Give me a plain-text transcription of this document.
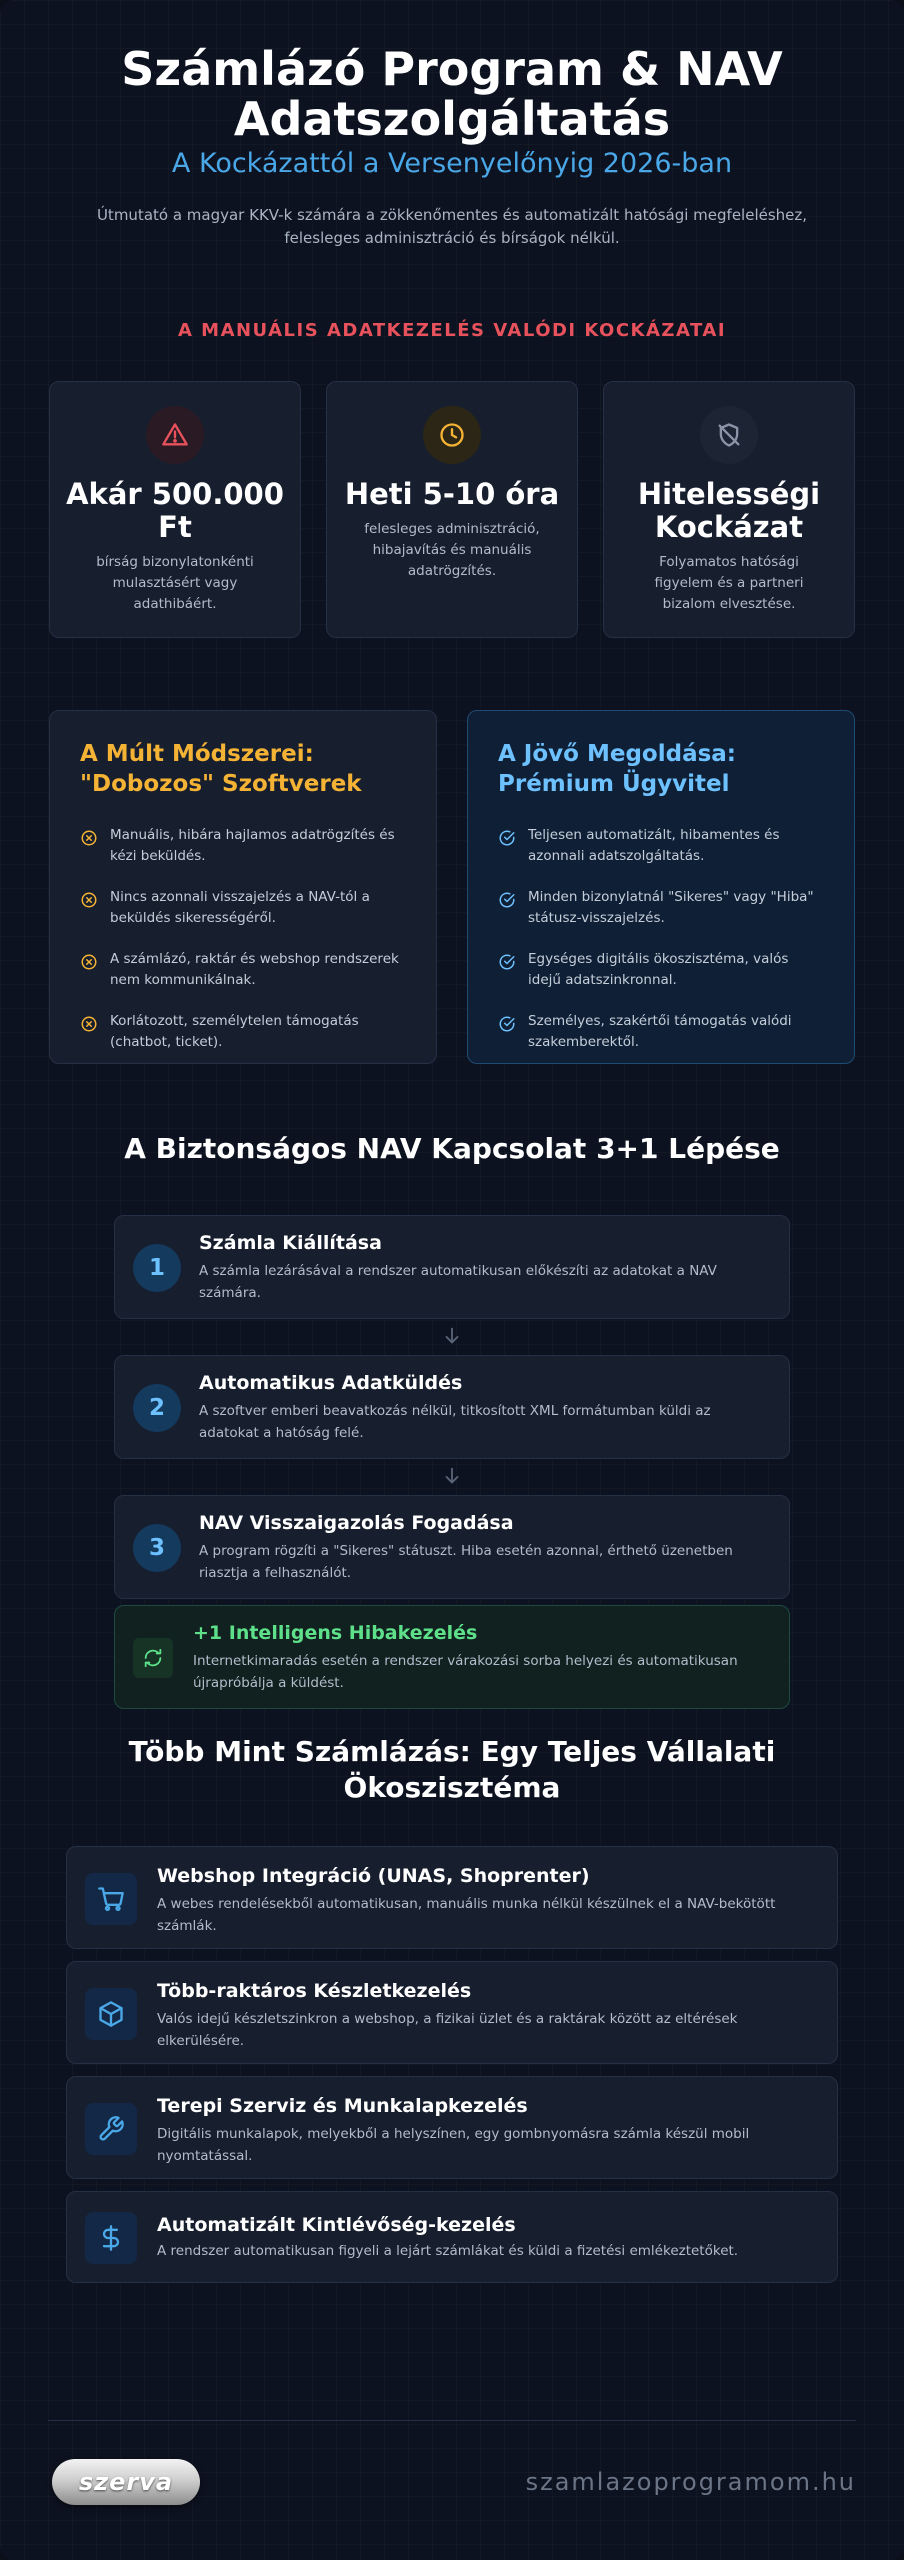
Számlázó Program & NAV Adatszolgáltatás
A Kockázattól a Versenyelőnyig 2026-ban
Útmutató a magyar KKV-k számára a zökkenőmentes és automatizált hatósági megfeleléshez, felesleges adminisztráció és bírságok nélkül.
A MANUÁLIS ADATKEZELÉS VALÓDI KOCKÁZATAI
Akár 500.000 Ft
bírság bizonylatonkénti mulasztásért vagy adathibáért.
Heti 5-10 óra
felesleges adminisztráció, hibajavítás és manuális adatrögzítés.
Hitelességi Kockázat
Folyamatos hatósági figyelem és a partneri bizalom elvesztése.
A Múlt Módszerei: "Dobozos" Szoftverek
Manuális, hibára hajlamos adatrögzítés és kézi beküldés.
Nincs azonnali visszajelzés a NAV-tól a beküldés sikerességéről.
A számlázó, raktár és webshop rendszerek nem kommunikálnak.
Korlátozott, személytelen támogatás (chatbot, ticket).
A Jövő Megoldása: Prémium Ügyvitel
Teljesen automatizált, hibamentes és azonnali adatszolgáltatás.
Minden bizonylatnál "Sikeres" vagy "Hiba" státusz-visszajelzés.
Egységes digitális ökoszisztéma, valós idejű adatszinkronnal.
Személyes, szakértői támogatás valódi szakemberektől.
A Biztonságos NAV Kapcsolat 3+1 Lépése
1
Számla Kiállítása
A számla lezárásával a rendszer automatikusan előkészíti az adatokat a NAV számára.
2
Automatikus Adatküldés
A szoftver emberi beavatkozás nélkül, titkosított XML formátumban küldi az adatokat a hatóság felé.
3
NAV Visszaigazolás Fogadása
A program rögzíti a "Sikeres" státuszt. Hiba esetén azonnal, érthető üzenetben riasztja a felhasználót.
+1 Intelligens Hibakezelés
Internetkimaradás esetén a rendszer várakozási sorba helyezi és automatikusan újrapróbálja a küldést.
Több Mint Számlázás: Egy Teljes Vállalati Ökoszisztéma
Webshop Integráció (UNAS, Shoprenter)
A webes rendelésekből automatikusan, manuális munka nélkül készülnek el a NAV-bekötött számlák.
Több-raktáros Készletkezelés
Valós idejű készletszinkron a webshop, a fizikai üzlet és a raktárak között az eltérések elkerülésére.
Terepi Szerviz és Munkalapkezelés
Digitális munkalapok, melyekből a helyszínen, egy gombnyomásra számla készül mobil nyomtatással.
Automatizált Kintlévőség-kezelés
A rendszer automatikusan figyeli a lejárt számlákat és küldi a fizetési emlékeztetőket.
szerva	szamlazoprogramom.hu
